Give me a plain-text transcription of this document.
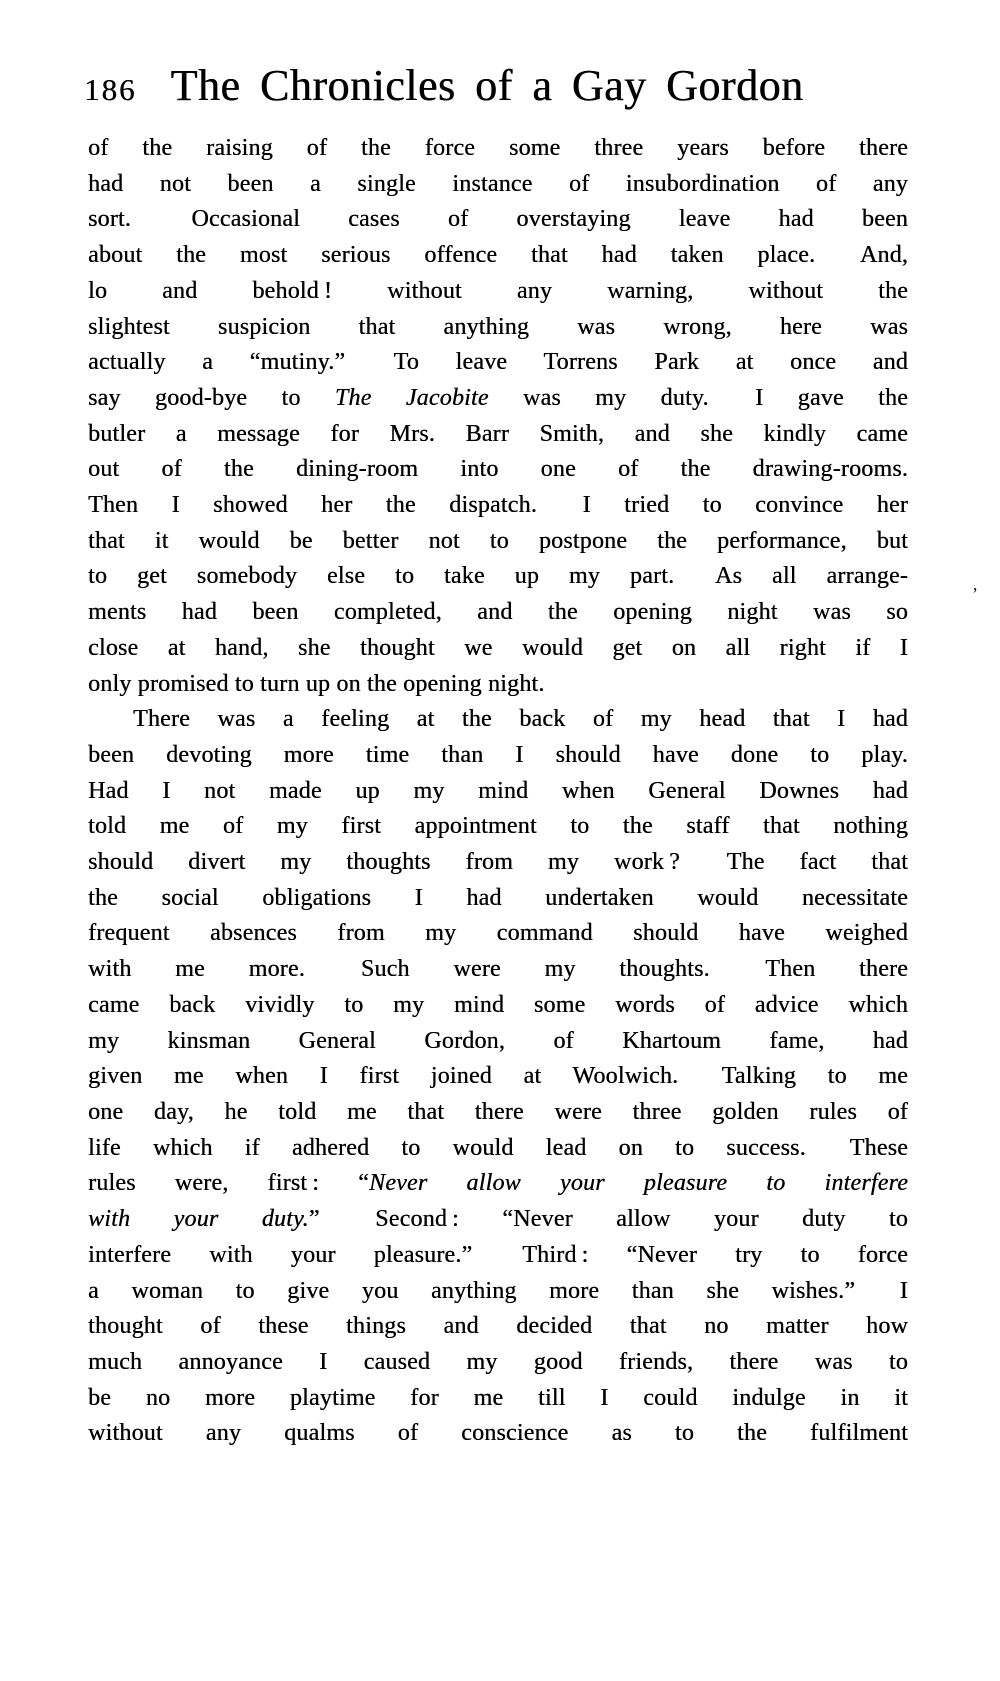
186 The Chronicles of a Gay Gordon
of the raising of the force some three years before there
had not been a single instance of insubordination of any
sort.  Occasional cases of overstaying leave had been
about the most serious offence that had taken place.  And,
lo and behold ! without any warning, without the
slightest suspicion that anything was wrong, here was
actually a “mutiny.”  To leave Torrens Park at once and
say good-bye to The Jacobite was my duty.  I gave the
butler a message for Mrs. Barr Smith, and she kindly came
out of the dining-room into one of the drawing-rooms.
Then I showed her the dispatch.  I tried to convince her
that it would be better not to postpone the performance, but
to get somebody else to take up my part.  As all arrange-
ments had been completed, and the opening night was so
close at hand, she thought we would get on all right if I
only promised to turn up on the opening night.
There was a feeling at the back of my head that I had
been devoting more time than I should have done to play.
Had I not made up my mind when General Downes had
told me of my first appointment to the staff that nothing
should divert my thoughts from my work ?  The fact that
the social obligations I had undertaken would necessitate
frequent absences from my command should have weighed
with me more.  Such were my thoughts.  Then there
came back vividly to my mind some words of advice which
my kinsman General Gordon, of Khartoum fame, had
given me when I first joined at Woolwich.  Talking to me
one day, he told me that there were three golden rules of
life which if adhered to would lead on to success.  These
rules were, first : “Never allow your pleasure to interfere
with your duty.”  Second : “Never allow your duty to
interfere with your pleasure.”  Third : “Never try to force
a woman to give you anything more than she wishes.”  I
thought of these things and decided that no matter how
much annoyance I caused my good friends, there was to
be no more playtime for me till I could indulge in it
without any qualms of conscience as to the fulfilment
’
